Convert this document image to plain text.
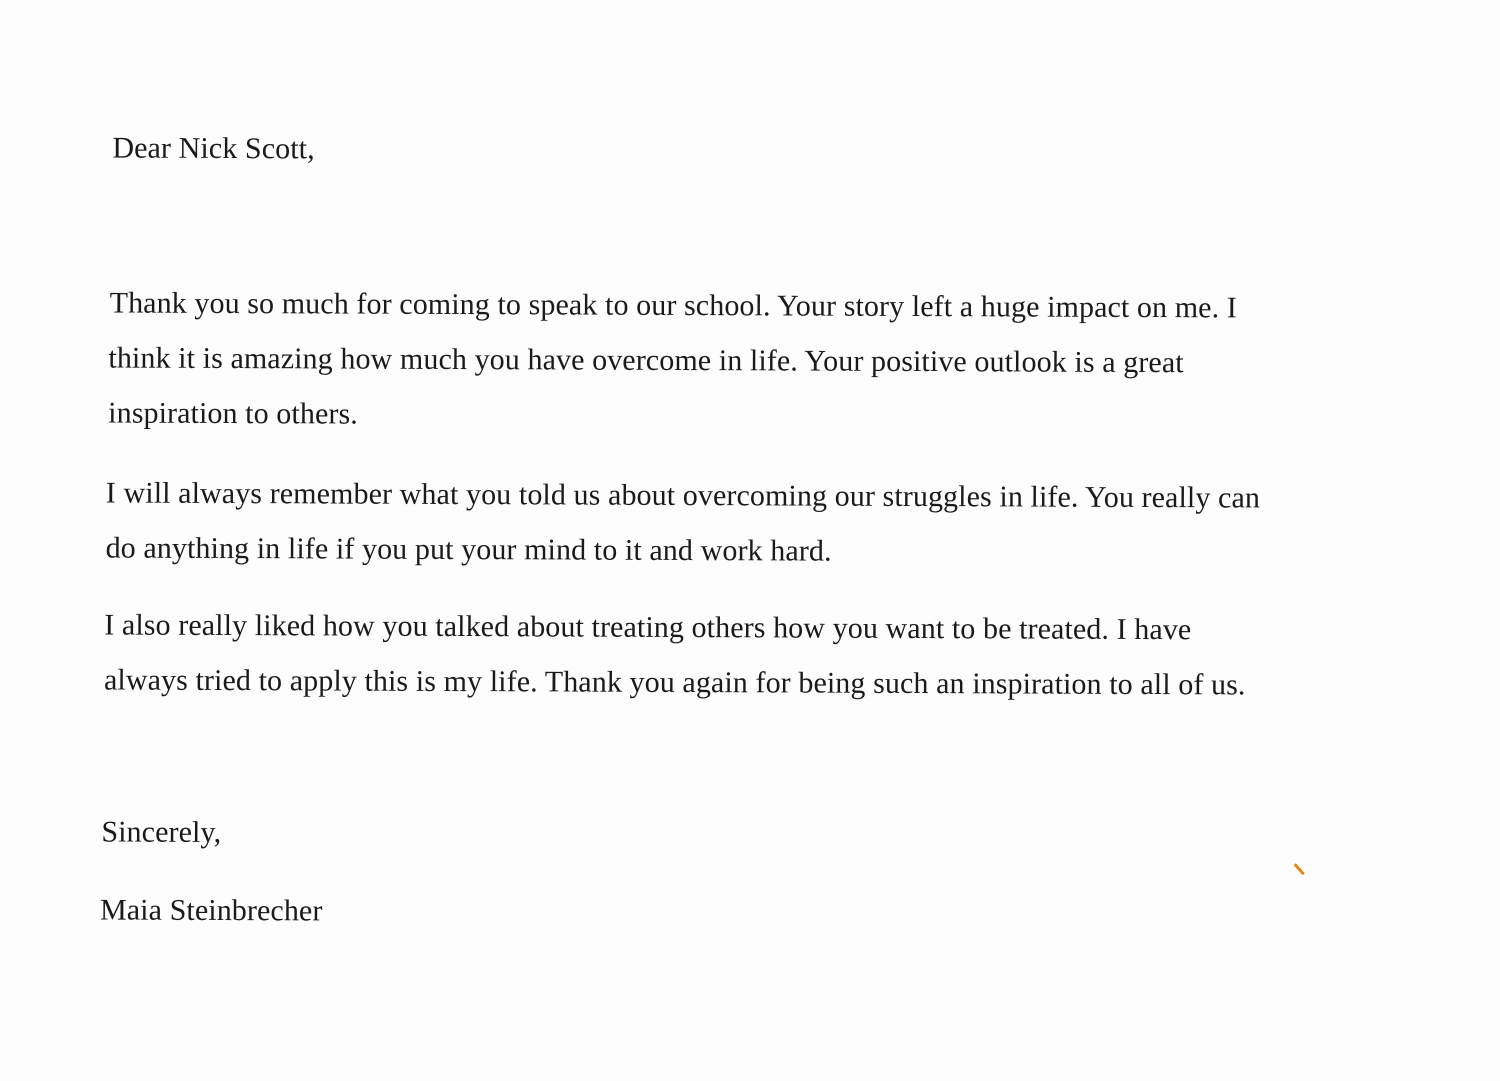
Dear Nick Scott,
Thank you so much for coming to speak to our school. Your story left a huge impact on me. I
think it is amazing how much you have overcome in life. Your positive outlook is a great
inspiration to others.
I will always remember what you told us about overcoming our struggles in life. You really can
do anything in life if you put your mind to it and work hard.
I also really liked how you talked about treating others how you want to be treated. I have
always tried to apply this is my life. Thank you again for being such an inspiration to all of us.
Sincerely,
Maia Steinbrecher
